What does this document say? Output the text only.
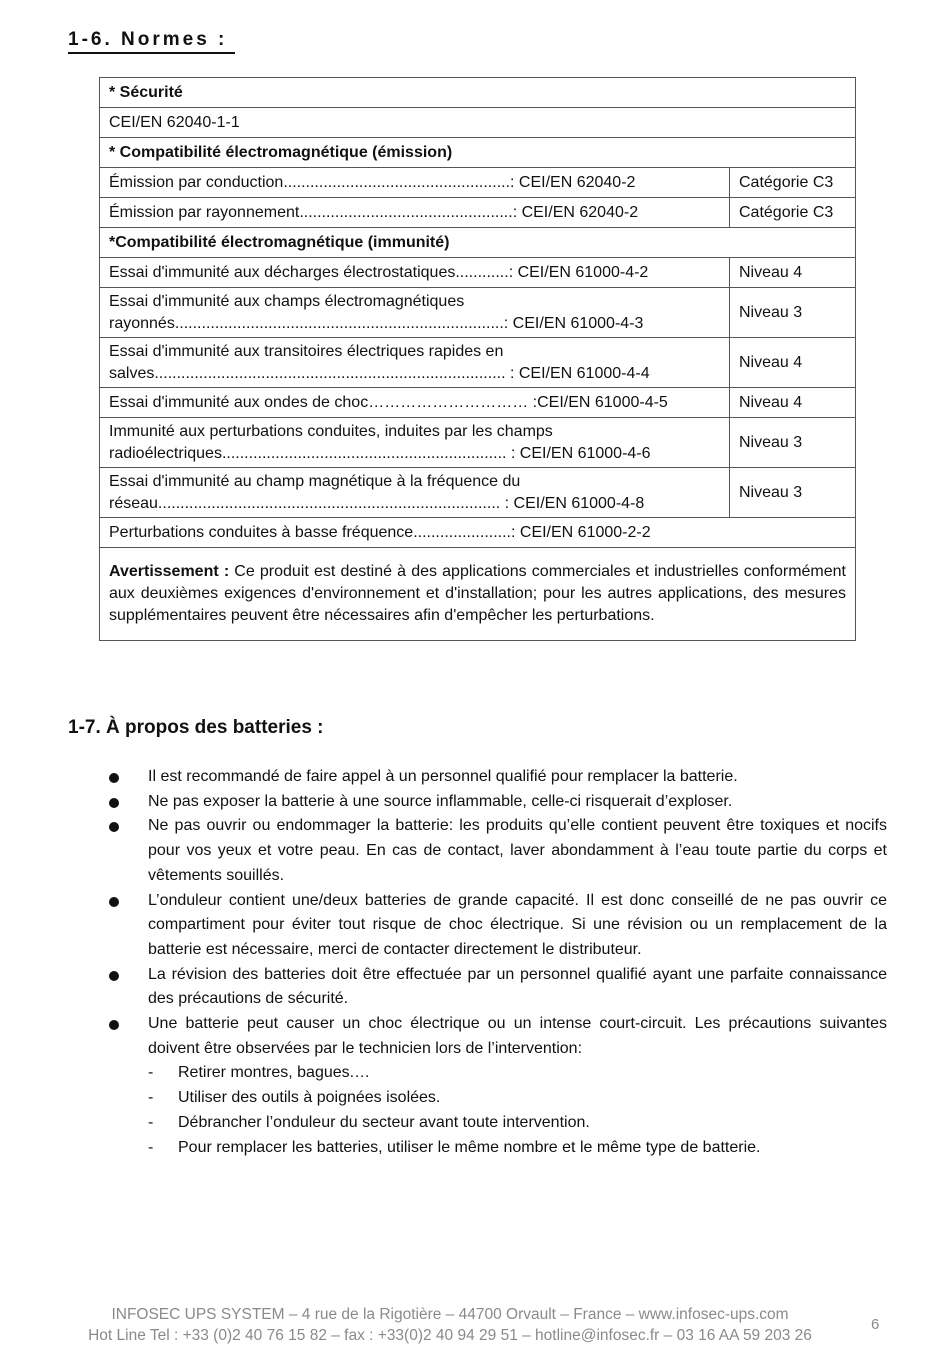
1-6. Normes :
* Sécurité	
CEI/EN 62040-1-1	
* Compatibilité électromagnétique (émission)	
Émission par conduction...................................................: CEI/EN 62040-2	Catégorie C3
Émission par rayonnement................................................: CEI/EN 62040-2	Catégorie C3
*Compatibilité électromagnétique (immunité)	
Essai d'immunité aux décharges électrostatiques............: CEI/EN 61000-4-2	Niveau 4

Essai d'immunité aux champs électromagnétiques
rayonnés..........................................................................: CEI/EN 61000-4-3	Niveau 3

Essai d'immunité aux transitoires électriques rapides en
salves............................................................................... : CEI/EN 61000-4-4	Niveau 4
Essai d'immunité aux ondes de choc………………………… :CEI/EN 61000-4-5	Niveau 4

Immunité aux perturbations conduites, induites par les champs
radioélectriques................................................................ : CEI/EN 61000-4-6	Niveau 3

Essai d'immunité au champ magnétique à la fréquence du
réseau............................................................................. : CEI/EN 61000-4-8	Niveau 3
Perturbations conduites à basse fréquence......................: CEI/EN 61000-2-2	
Avertissement : Ce produit est destiné à des applications commerciales et industrielles conformément aux deuxièmes exigences d'environnement et d'installation; pour les autres applications, des mesures supplémentaires peuvent être nécessaires afin d'empêcher les perturbations.	
1-7. À propos des batteries :
Il est recommandé de faire appel à un personnel qualifié pour remplacer la batterie.
Ne pas exposer la batterie à une source inflammable, celle-ci risquerait d’exploser.
Ne pas ouvrir ou endommager la batterie: les produits qu’elle contient peuvent être toxiques et nocifs pour vos yeux et votre peau. En cas de contact, laver abondamment à l’eau toute partie du corps et vêtements souillés.
L’onduleur contient une/deux batteries de grande capacité. Il est donc conseillé de ne pas ouvrir ce compartiment pour éviter tout risque de choc électrique. Si une révision ou un remplacement de la batterie est nécessaire, merci de contacter directement le distributeur.
La révision des batteries doit être effectuée par un personnel qualifié ayant une parfaite connaissance des précautions de sécurité.
Une batterie peut causer un choc électrique ou un intense court-circuit. Les précautions suivantes doivent être observées par le technicien lors de l’intervention:
- Retirer montres, bagues.…
- Utiliser des outils à poignées isolées.
- Débrancher l’onduleur du secteur avant toute intervention.
- Pour remplacer les batteries, utiliser le même nombre et le même type de batterie.
INFOSEC UPS SYSTEM – 4 rue de la Rigotière – 44700 Orvault – France – www.infosec-ups.com
Hot Line Tel : +33 (0)2 40 76 15 82 – fax : +33(0)2 40 94 29 51 – hotline@infosec.fr – 03 16 AA 59 203 26
6
